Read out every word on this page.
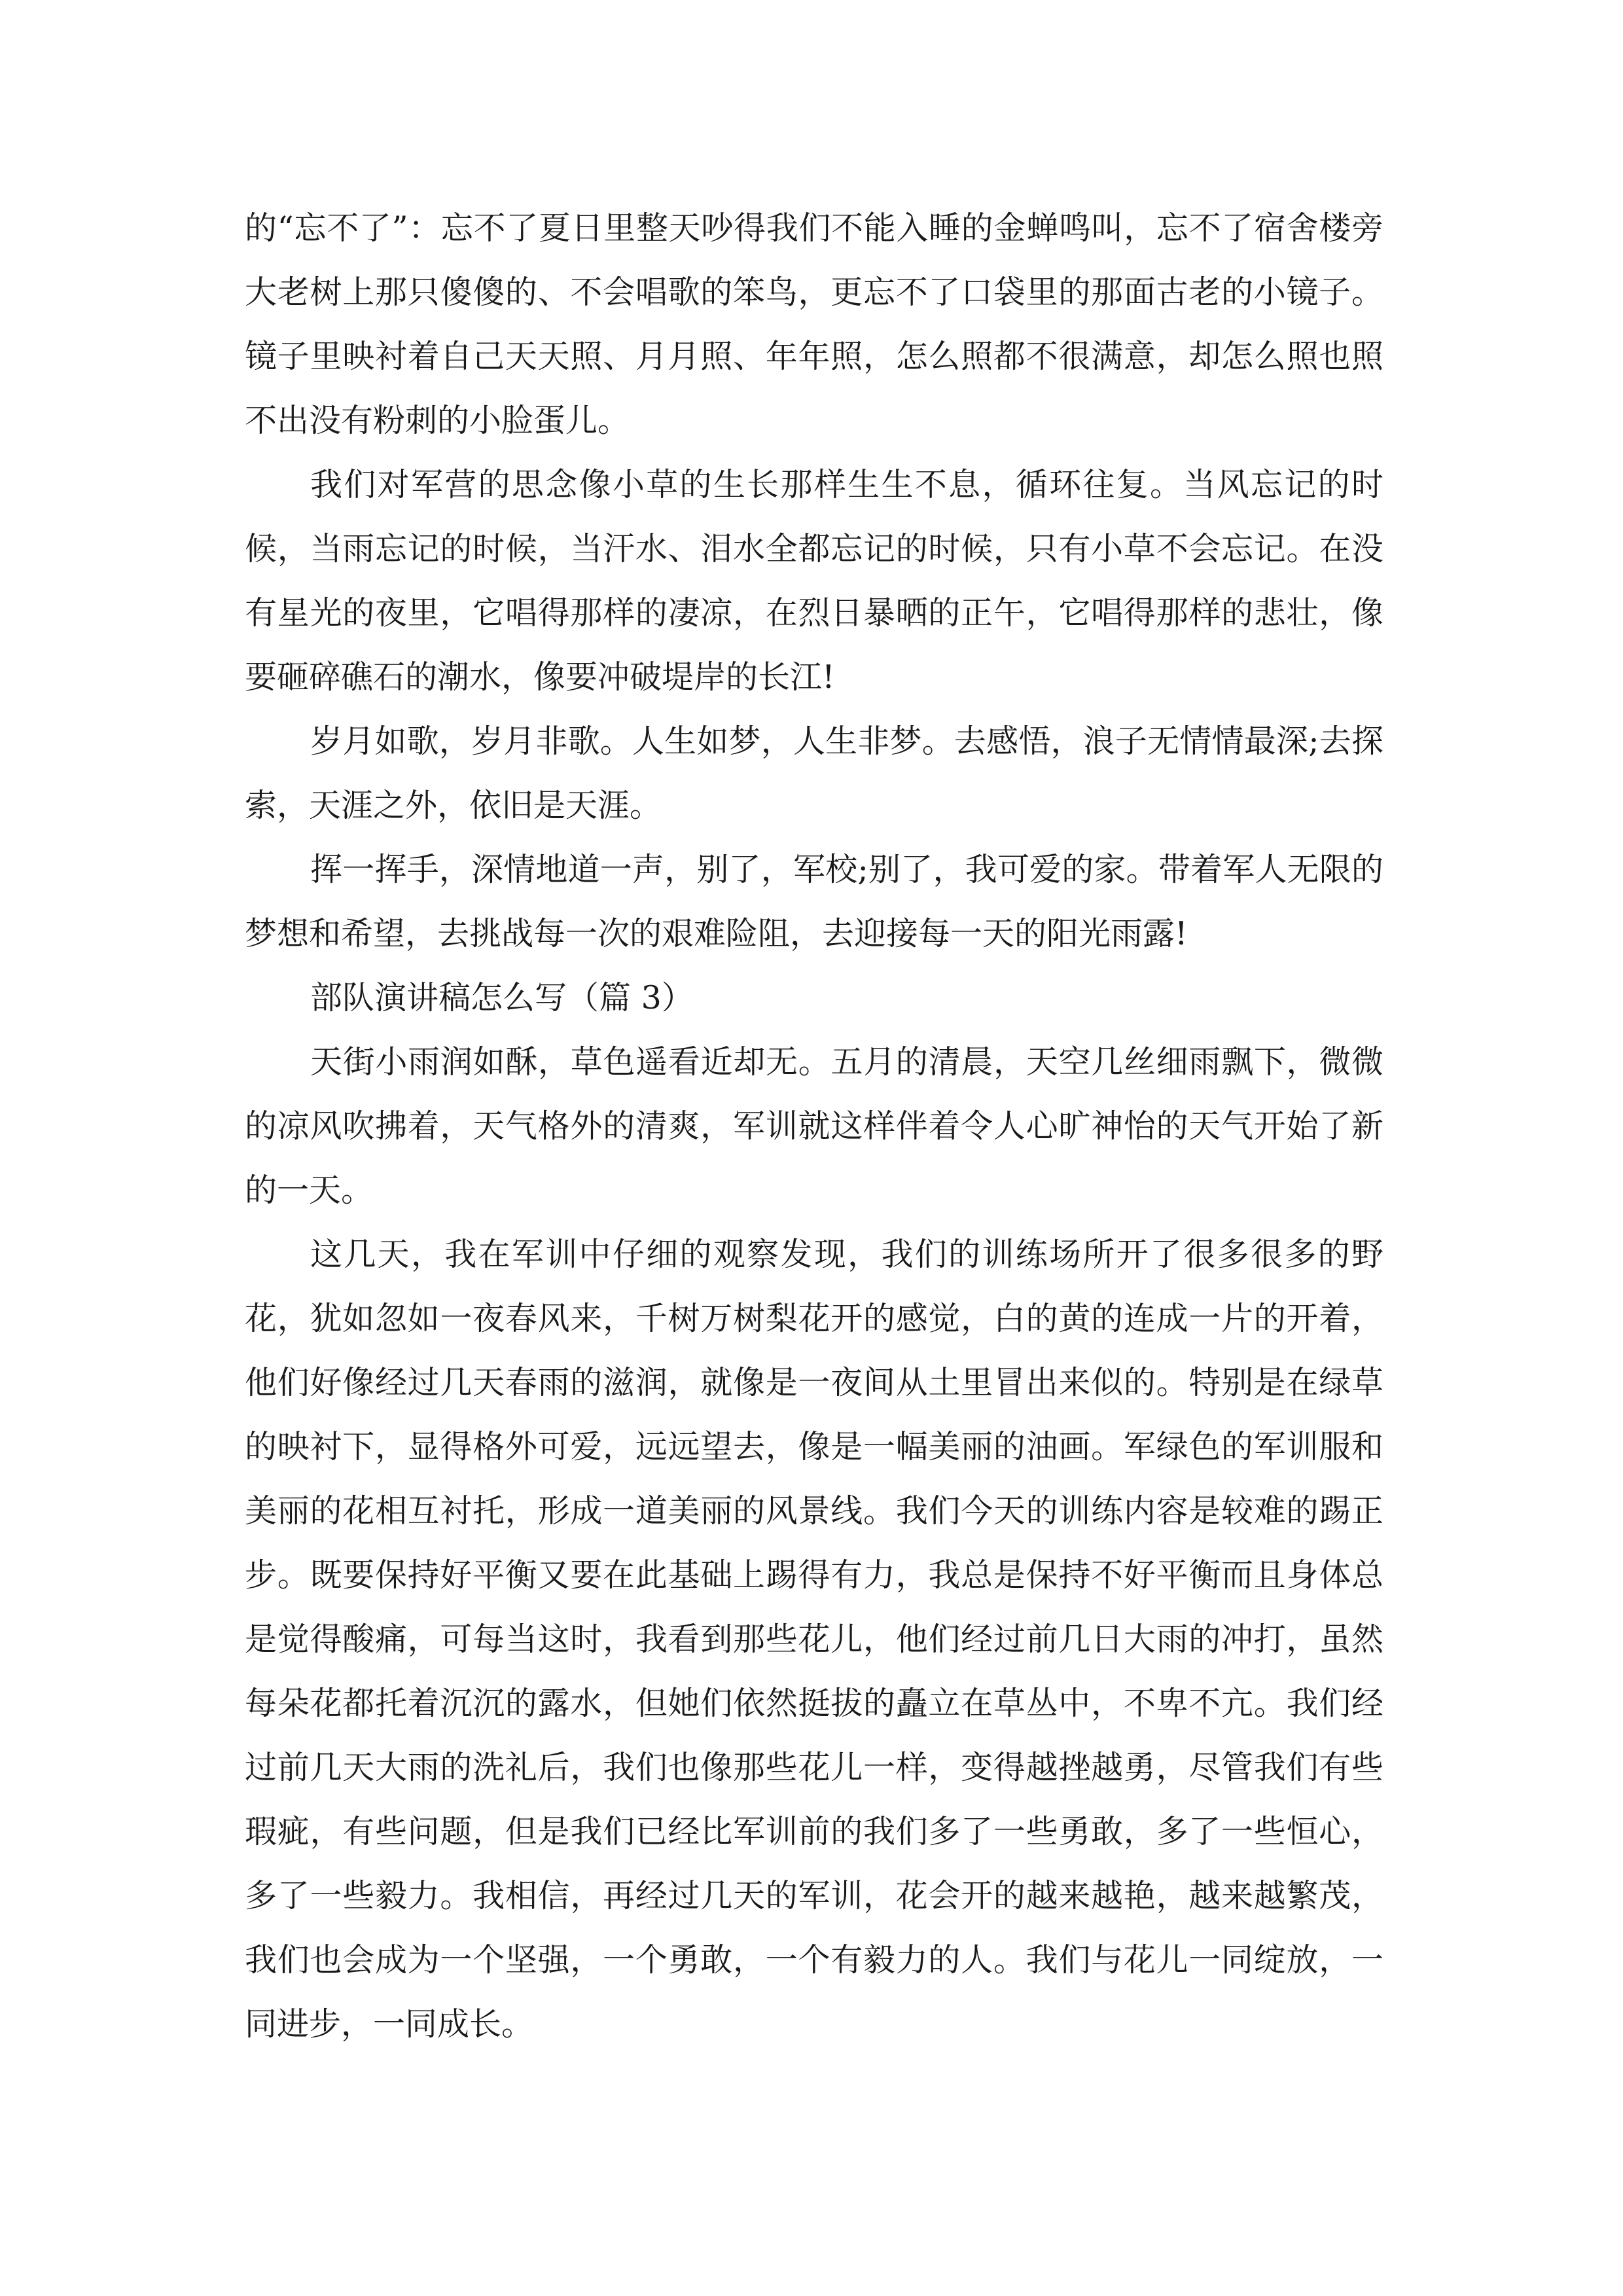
的“忘不了”：忘不了夏日里整天吵得我们不能入睡的金蝉鸣叫，忘不了宿舍楼旁大老树上那只傻傻的、不会唱歌的笨鸟，更忘不了口袋里的那面古老的小镜子。镜子里映衬着自己天天照、月月照、年年照，怎么照都不很满意，却怎么照也照不出没有粉刺的小脸蛋儿。

我们对军营的思念像小草的生长那样生生不息，循环往复。当风忘记的时候，当雨忘记的时候，当汗水、泪水全都忘记的时候，只有小草不会忘记。在没有星光的夜里，它唱得那样的凄凉，在烈日暴晒的正午，它唱得那样的悲壮，像要砸碎礁石的潮水，像要冲破堤岸的长江!

岁月如歌，岁月非歌。人生如梦，人生非梦。去感悟，浪子无情情最深;去探索，天涯之外，依旧是天涯。

挥一挥手，深情地道一声，别了，军校;别了，我可爱的家。带着军人无限的梦想和希望，去挑战每一次的艰难险阻，去迎接每一天的阳光雨露!

部队演讲稿怎么写（篇 3）

天街小雨润如酥，草色遥看近却无。五月的清晨，天空几丝细雨飘下，微微的凉风吹拂着，天气格外的清爽，军训就这样伴着令人心旷神怡的天气开始了新的一天。

这几天，我在军训中仔细的观察发现，我们的训练场所开了很多很多的野花，犹如忽如一夜春风来，千树万树梨花开的感觉，白的黄的连成一片的开着，他们好像经过几天春雨的滋润，就像是一夜间从土里冒出来似的。特别是在绿草的映衬下，显得格外可爱，远远望去，像是一幅美丽的油画。军绿色的军训服和美丽的花相互衬托，形成一道美丽的风景线。我们今天的训练内容是较难的踢正步。既要保持好平衡又要在此基础上踢得有力，我总是保持不好平衡而且身体总是觉得酸痛，可每当这时，我看到那些花儿，他们经过前几日大雨的冲打，虽然每朵花都托着沉沉的露水，但她们依然挺拔的矗立在草丛中，不卑不亢。我们经过前几天大雨的洗礼后，我们也像那些花儿一样，变得越挫越勇，尽管我们有些瑕疵，有些问题，但是我们已经比军训前的我们多了一些勇敢，多了一些恒心，多了一些毅力。我相信，再经过几天的军训，花会开的越来越艳，越来越繁茂，我们也会成为一个坚强，一个勇敢，一个有毅力的人。我们与花儿一同绽放，一同进步，一同成长。
